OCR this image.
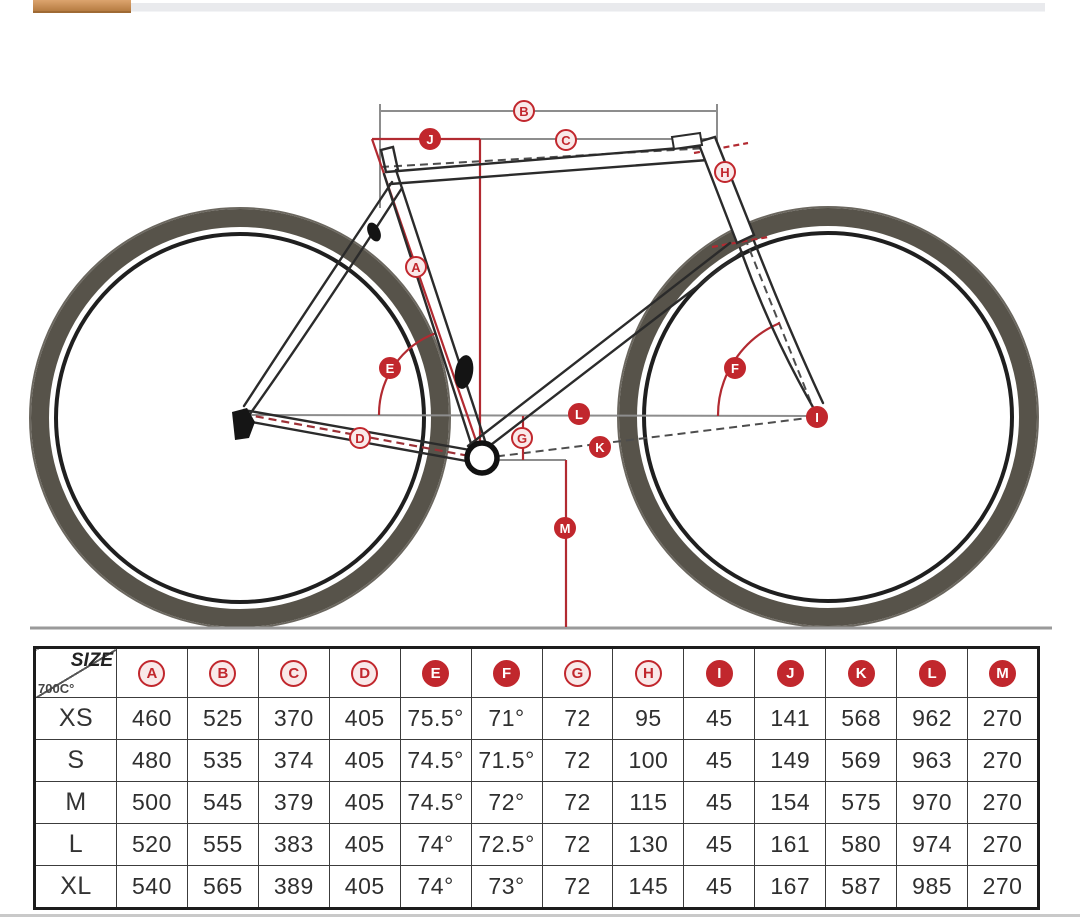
A
B
C
D
E	F
G
H
I
J
K
L
M
SIZE
700C°	A	B	C	D	E	F	G	H	I	J	K	L	M
XS	460	525	370	405	75.5°	71°	72	95	45	141	568	962	270
S	480	535	374	405	74.5°	71.5°	72	100	45	149	569	963	270
M	500	545	379	405	74.5°	72°	72	115	45	154	575	970	270
L	520	555	383	405	74°	72.5°	72	130	45	161	580	974	270
XL	540	565	389	405	74°	73°	72	145	45	167	587	985	270
